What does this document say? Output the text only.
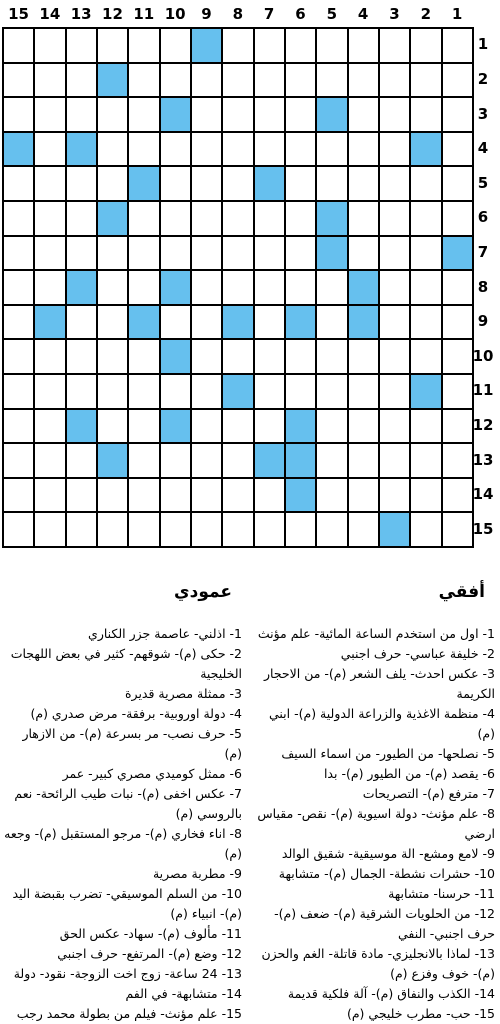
15 14 13 12 11 10	9	8	7	6	5	4	3	2	1
1
2
3
4
5
6
7
8
9
10
11
12
13
14
15
أفقي
عمودي
1- اول من استخدم الساعة المائية- علم مؤنث
2- خليفة عباسي- حرف اجنبي
3- عكس احدث- يلف الشعر (م)- من الاحجار الكريمة
4- منظمة الاغذية والزراعة الدولية (م)- ابني (م)
5- نصلحها- من الطيور- من اسماء السيف
6- يقصد (م)- من الطيور (م)- بدا
7- مترفع (م)- التصريحات
8- علم مؤنث- دولة اسيوية (م)- نقص- مقياس ارضي
9- لامع ومشع- الة موسيقية- شقيق الوالد
10- حشرات نشطة- الجمال (م)- متشابهة
11- حرسنا- متشابهة
12- من الحلويات الشرقية (م)- ضعف (م)- حرف اجنبي- النفي
13- لماذا بالانجليزي- مادة قاتلة- الغم والحزن (م)- خوف وفزع (م)
14- الكذب والنفاق (م)- آلة فلكية قديمة
15- حب- مطرب خليجي (م)
1- اذلني- عاصمة جزر الكناري
2- حكى (م)- شوقهم- كثير في بعض اللهجات الخليجية
3- ممثلة مصرية قديرة
4- دولة اوروبية- برفقة- مرض صدري (م)
5- حرف نصب- مر بسرعة (م)- من الازهار (م)
6- ممثل كوميدي مصري كبير- عمر
7- عكس اخفى (م)- نبات طيب الرائحة- نعم بالروسي (م)
8- اناء فخاري (م)- مرجو المستقبل (م)- وجعه (م)
9- مطربة مصرية
10- من السلم الموسيقي- تضرب بقبضة اليد (م)- انبياء (م)
11- مألوف (م)- سهاد- عكس الحق
12- وضع (م)- المرتفع- حرف اجنبي
13- 24 ساعة- زوج اخت الزوجة- نقود- دولة
14- متشابهة- في الفم
15- علم مؤنث- فيلم من بطولة محمد رجب
